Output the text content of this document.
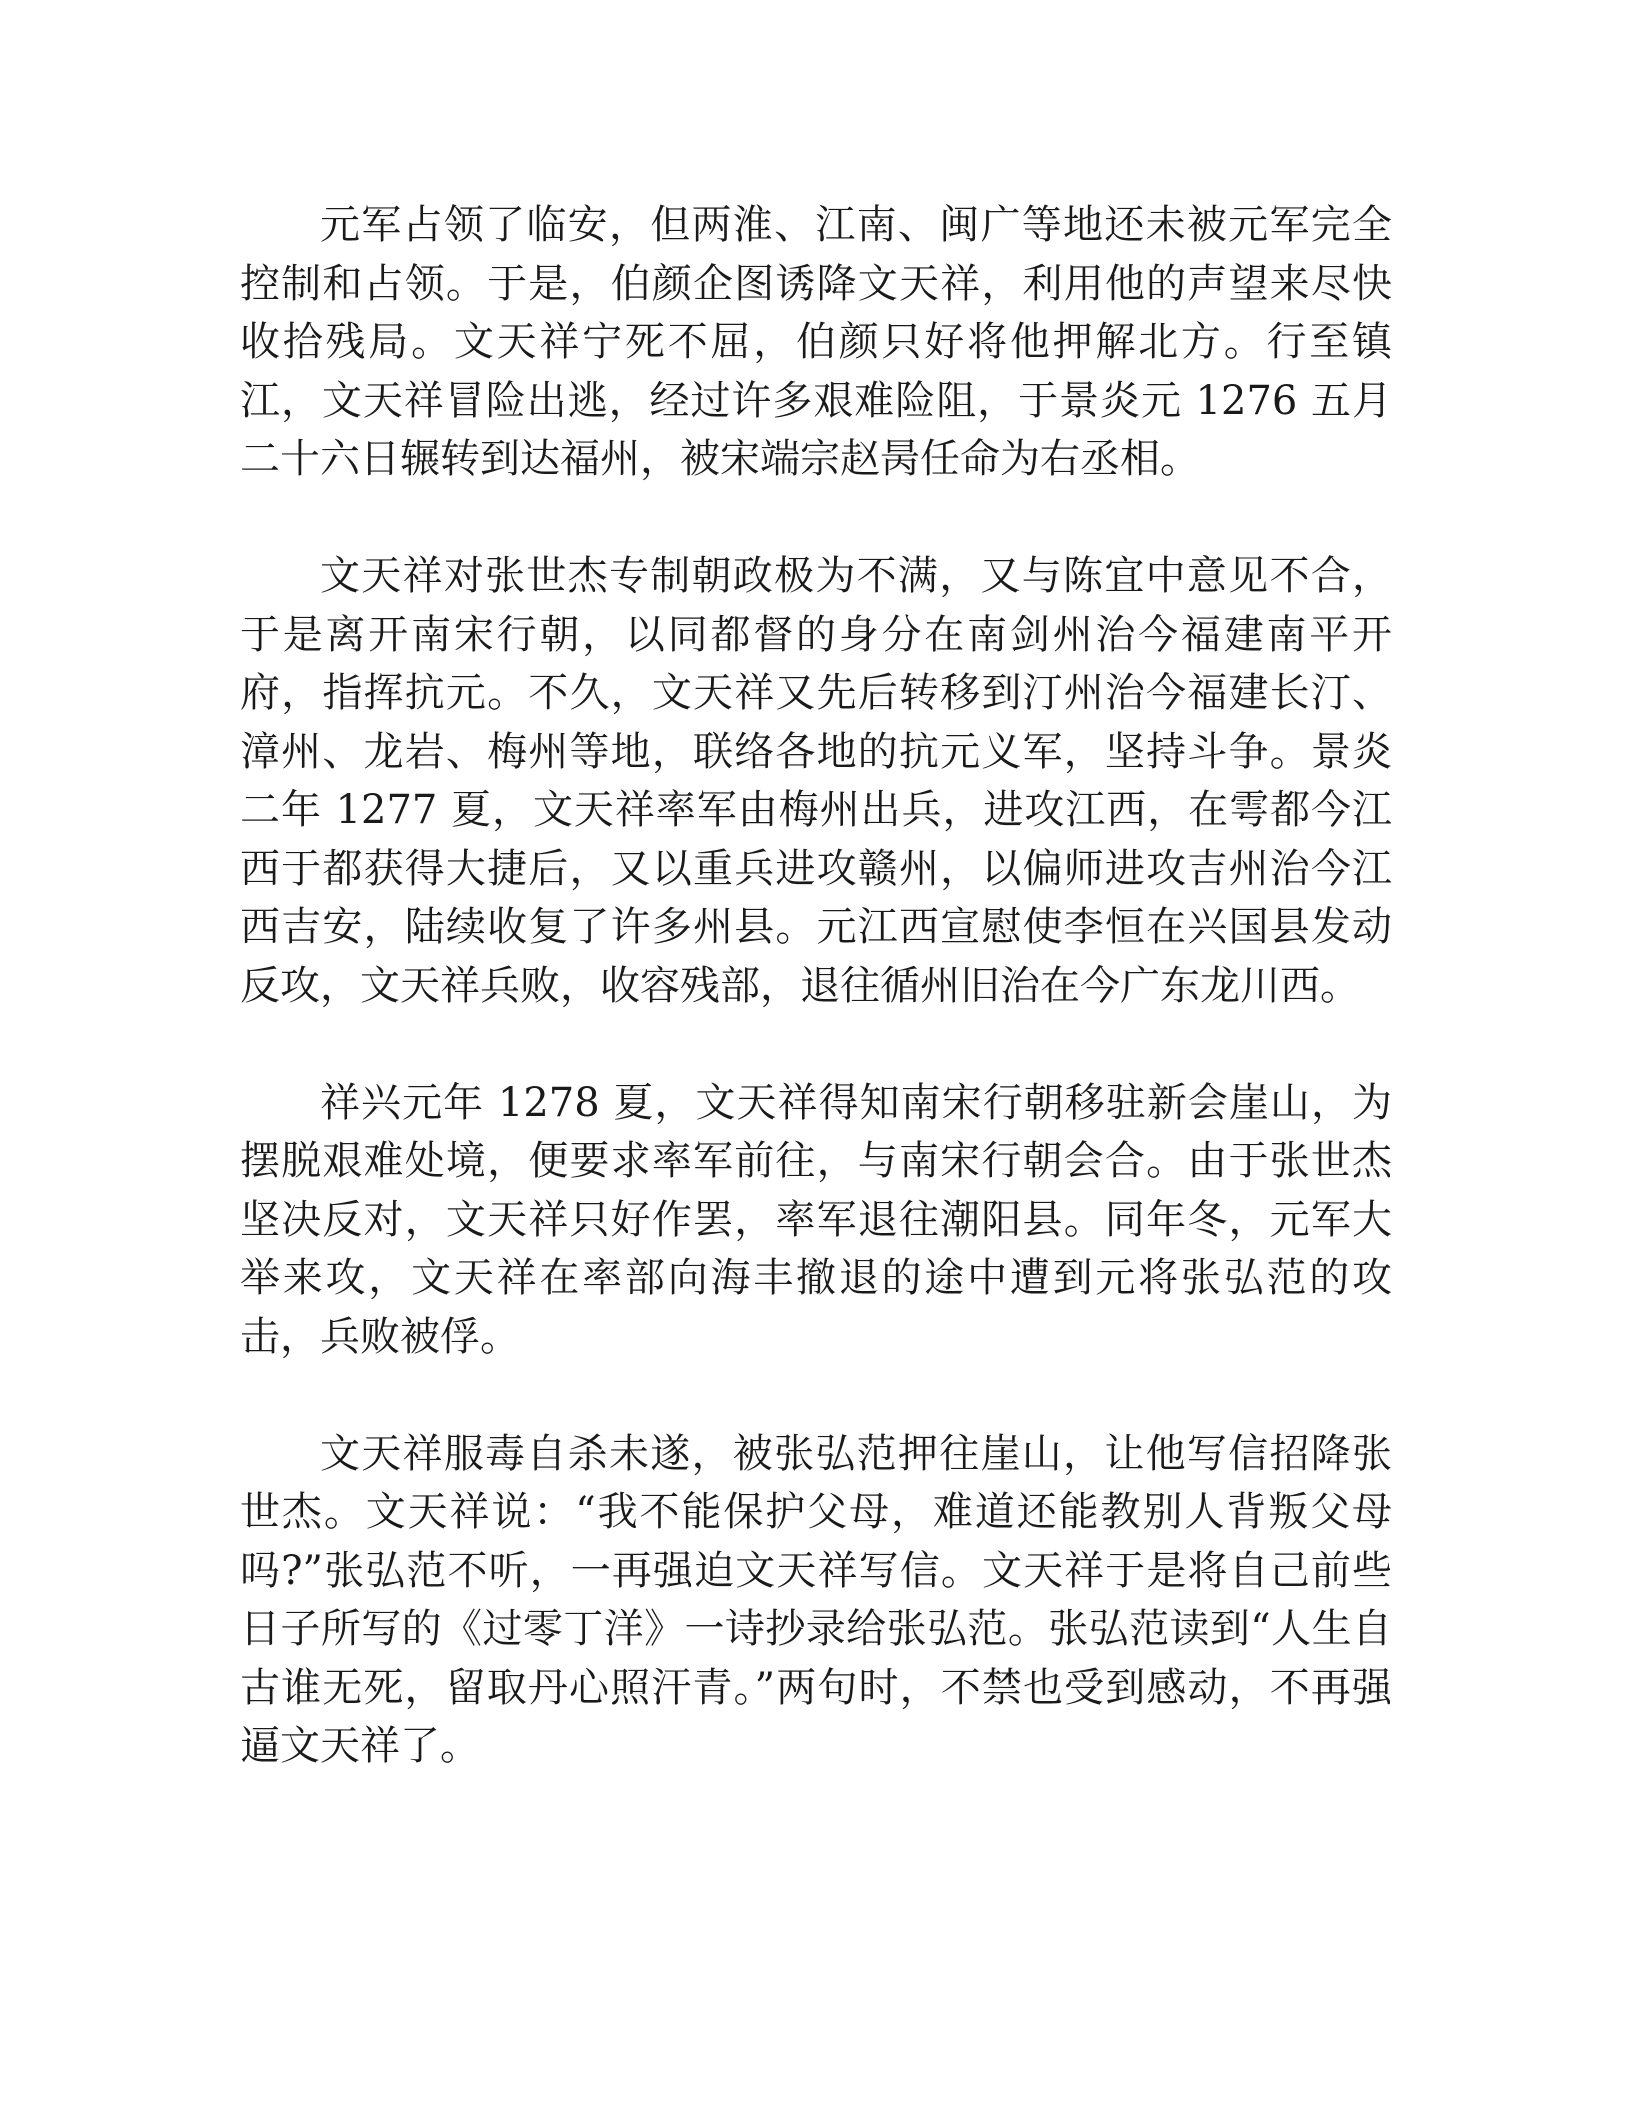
元军占领了临安，但两淮、江南、闽广等地还未被元军完全控制和占领。于是，伯颜企图诱降文天祥，利用他的声望来尽快收拾残局。文天祥宁死不屈，伯颜只好将他押解北方。行至镇江，文天祥冒险出逃，经过许多艰难险阻，于景炎元 1276 五月二十六日辗转到达福州，被宋端宗赵昺任命为右丞相。

文天祥对张世杰专制朝政极为不满，又与陈宜中意见不合，于是离开南宋行朝，以同都督的身分在南剑州治今福建南平开府，指挥抗元。不久，文天祥又先后转移到汀州治今福建长汀、漳州、龙岩、梅州等地，联络各地的抗元义军，坚持斗争。景炎二年 1277 夏，文天祥率军由梅州出兵，进攻江西，在雩都今江西于都获得大捷后，又以重兵进攻赣州，以偏师进攻吉州治今江西吉安，陆续收复了许多州县。元江西宣慰使李恒在兴国县发动反攻，文天祥兵败，收容残部，退往循州旧治在今广东龙川西。

祥兴元年 1278 夏，文天祥得知南宋行朝移驻新会崖山，为摆脱艰难处境，便要求率军前往，与南宋行朝会合。由于张世杰坚决反对，文天祥只好作罢，率军退往潮阳县。同年冬，元军大举来攻，文天祥在率部向海丰撤退的途中遭到元将张弘范的攻击，兵败被俘。

文天祥服毒自杀未遂，被张弘范押往崖山，让他写信招降张世杰。文天祥说：“我不能保护父母，难道还能教别人背叛父母吗?”张弘范不听，一再强迫文天祥写信。文天祥于是将自己前些日子所写的《过零丁洋》一诗抄录给张弘范。张弘范读到“人生自古谁无死，留取丹心照汗青。”两句时，不禁也受到感动，不再强逼文天祥了。
